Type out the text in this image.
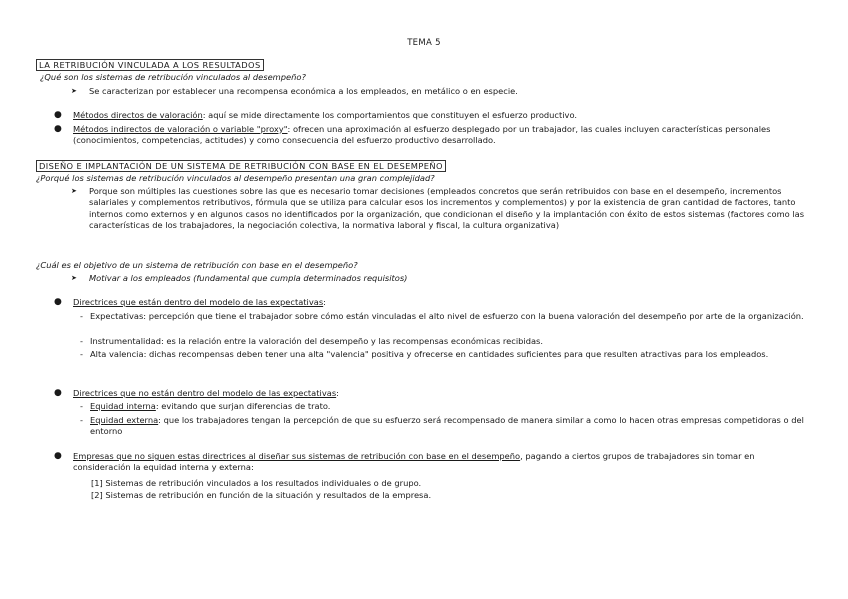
TEMA 5
LA RETRIBUCIÓN VINCULADA A LOS RESULTADOS
¿Qué son los sistemas de retribución vinculados al desempeño?
➤	Se caracterizan por establecer una recompensa económica a los empleados, en metálico o en especie.
●	Métodos directos de valoración: aquí se mide directamente los comportamientos que constituyen el esfuerzo productivo.

●	Métodos indirectos de valoración o variable "proxy": ofrecen una aproximación al esfuerzo desplegado por un trabajador, las cuales incluyen características personales (conocimientos, competencias, actitudes) y como consecuencia del esfuerzo productivo desarrollado.

DISEÑO E IMPLANTACIÓN DE UN SISTEMA DE RETRIBUCIÓN CON BASE EN EL DESEMPEÑO
¿Porqué los sistemas de retribución vinculados al desempeño presentan una gran complejidad?
➤	Porque son múltiples las cuestiones sobre las que es necesario tomar decisiones (empleados concretos que serán retribuidos con base en el desempeño, incrementos salariales y complementos retributivos, fórmula que se utiliza para calcular esos los incrementos y complementos) y por la existencia de gran cantidad de factores, tanto internos como externos y en algunos casos no identificados por la organización, que condicionan el diseño y la implantación con éxito de estos sistemas (factores como las características de los trabajadores, la negociación colectiva, la normativa laboral y fiscal, la cultura organizativa)
¿Cuál es el objetivo de un sistema de retribución con base en el desempeño?
➤	Motivar a los empleados (fundamental que cumpla determinados requisitos)
●	Directrices que están dentro del modelo de las expectativas:

- Expectativas: percepción que tiene el trabajador sobre cómo están vinculadas el alto nivel de esfuerzo con la buena valoración del desempeño por arte de la organización.

- Instrumentalidad: es la relación entre la valoración del desempeño y las recompensas económicas recibidas.

- Alta valencia: dichas recompensas deben tener una alta "valencia" positiva y ofrecerse en cantidades suficientes para que resulten atractivas para los empleados.

●	Directrices que no están dentro del modelo de las expectativas:

- Equidad interna: evitando que surjan diferencias de trato.

- Equidad externa: que los trabajadores tengan la percepción de que su esfuerzo será recompensado de manera similar a como lo hacen otras empresas competidoras o del entorno

●	Empresas que no siguen estas directrices al diseñar sus sistemas de retribución con base en el desempeño, pagando a ciertos grupos de trabajadores sin tomar en consideración la equidad interna y externa:

[1] Sistemas de retribución vinculados a los resultados individuales o de grupo.
[2] Sistemas de retribución en función de la situación y resultados de la empresa.
